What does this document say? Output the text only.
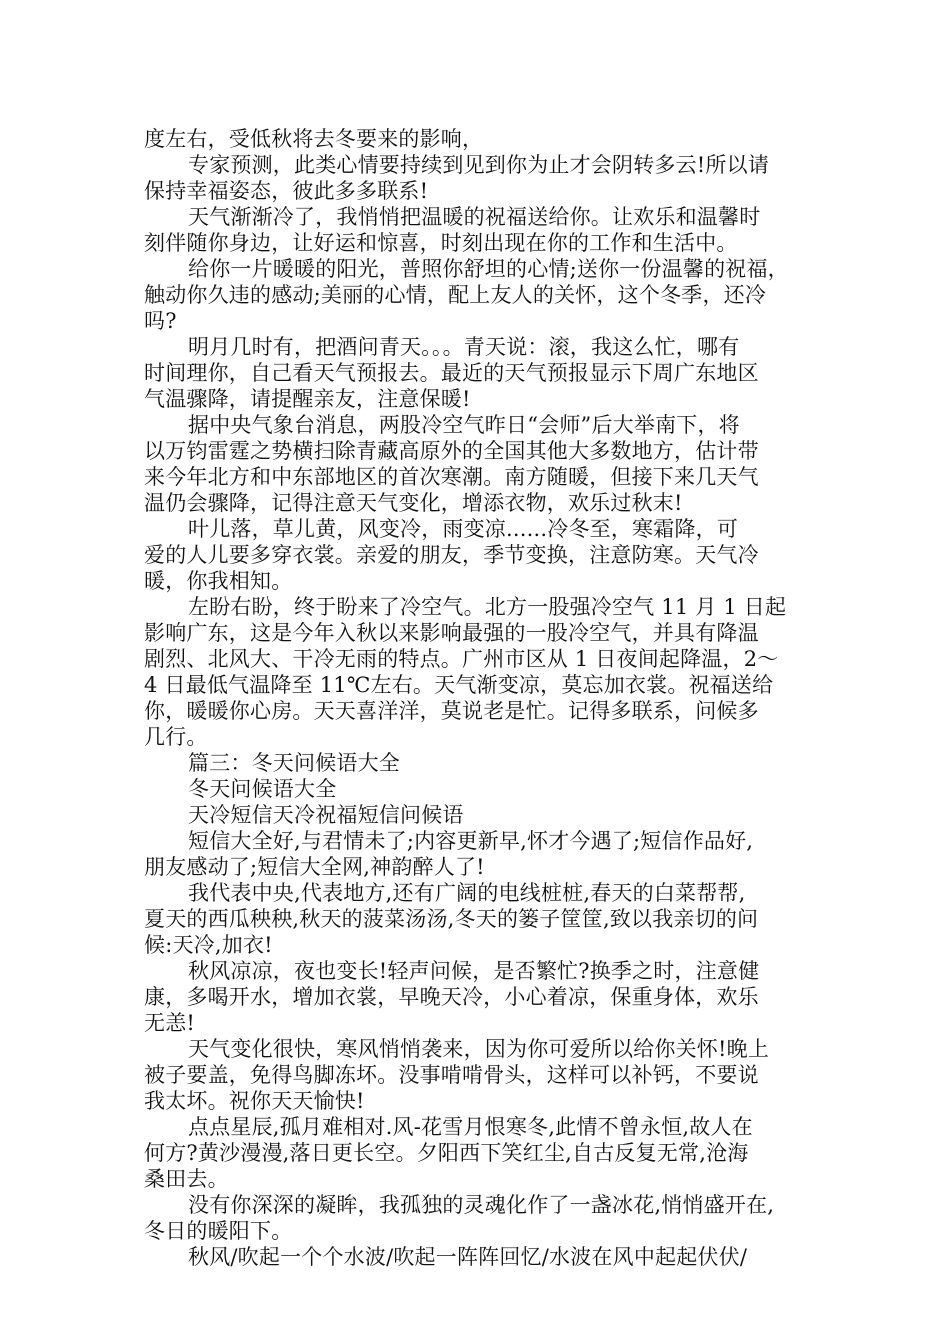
度左右，受低秋将去冬要来的影响，
专家预测，此类心情要持续到见到你为止才会阴转多云!所以请
保持幸福姿态，彼此多多联系!
天气渐渐冷了，我悄悄把温暖的祝福送给你。让欢乐和温馨时
刻伴随你身边，让好运和惊喜，时刻出现在你的工作和生活中。
给你一片暖暖的阳光，普照你舒坦的心情;送你一份温馨的祝福，
触动你久违的感动;美丽的心情，配上友人的关怀，这个冬季，还冷
吗?
明月几时有，把酒问青天。。。青天说：滚，我这么忙，哪有
时间理你，自己看天气预报去。最近的天气预报显示下周广东地区
气温骤降，请提醒亲友，注意保暖!
据中央气象台消息，两股冷空气昨日“会师”后大举南下，将
以万钧雷霆之势横扫除青藏高原外的全国其他大多数地方，估计带
来今年北方和中东部地区的首次寒潮。南方随暖，但接下来几天气
温仍会骤降，记得注意天气变化，增添衣物，欢乐过秋末!
叶儿落，草儿黄，风变冷，雨变凉......冷冬至，寒霜降，可
爱的人儿要多穿衣裳。亲爱的朋友，季节变换，注意防寒。天气冷
暖，你我相知。
左盼右盼，终于盼来了冷空气。北方一股强冷空气 11 月 1 日起
影响广东，这是今年入秋以来影响最强的一股冷空气，并具有降温
剧烈、北风大、干冷无雨的特点。广州市区从 1 日夜间起降温，2～
4 日最低气温降至 11℃左右。天气渐变凉，莫忘加衣裳。祝福送给
你，暖暖你心房。天天喜洋洋，莫说老是忙。记得多联系，问候多
几行。
篇三：冬天问候语大全
冬天问候语大全
天冷短信天冷祝福短信问候语
短信大全好,与君情未了;内容更新早,怀才今遇了;短信作品好,
朋友感动了;短信大全网,神韵醉人了!
我代表中央,代表地方,还有广阔的电线桩桩,春天的白菜帮帮,
夏天的西瓜秧秧,秋天的菠菜汤汤,冬天的篓子筐筐,致以我亲切的问
候:天冷,加衣!
秋风凉凉，夜也变长!轻声问候，是否繁忙?换季之时，注意健
康，多喝开水，增加衣裳，早晚天冷，小心着凉，保重身体，欢乐
无恙!
天气变化很快，寒风悄悄袭来，因为你可爱所以给你关怀!晚上
被子要盖，免得鸟脚冻坏。没事啃啃骨头，这样可以补钙，不要说
我太坏。祝你天天愉快!
点点星辰,孤月难相对.风-花雪月恨寒冬,此情不曾永恒,故人在
何方?黄沙漫漫,落日更长空。夕阳西下笑红尘,自古反复无常,沧海
桑田去。
没有你深深的凝眸，我孤独的灵魂化作了一盏冰花,悄悄盛开在,
冬日的暖阳下。
秋风/吹起一个个水波/吹起一阵阵回忆/水波在风中起起伏伏/
